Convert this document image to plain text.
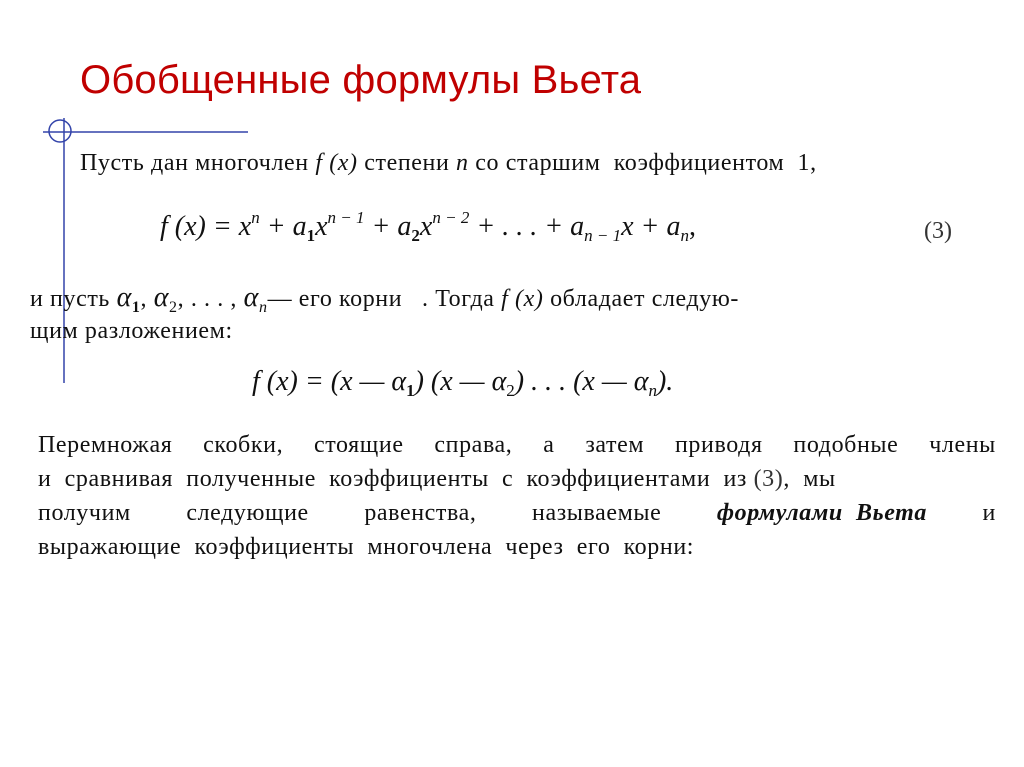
Обобщенные формулы Вьета
Пусть дан многочлен f (x) степени n со старшим  коэффициентом  1,
f $(x) = x^n + a_1x^{n - 1} + a_2x^{n - 2}$ + . . . + $a_{n - 1}x + a_n$,	(3)
и пусть $\alpha_1$, $\alpha_2$, . . . , $\alpha_n—$ его корни   . Тогда f (x) обладает следую-
щим разложением:
f (x) = (x — $\alpha_1$) (x — $\alpha_2$) . . . (x — $\alpha_n$).
Перемножая скобки, стоящие справа, а затем приводя подобные члены
и  сравнивая  полученные  коэффициенты  с  коэффициентами  из (3),  мы
получим следующие равенства, называемые формулами  Вьета и
выражающие  коэффициенты  многочлена  через  его  корни:
